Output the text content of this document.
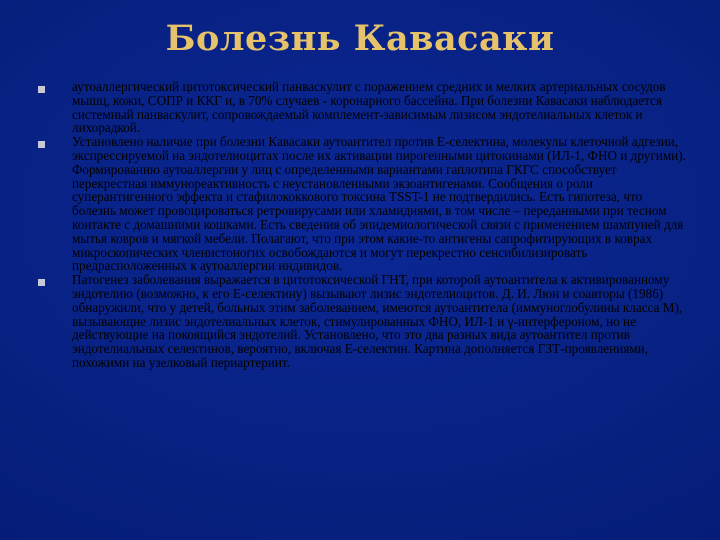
Болезнь Кавасаки
аутоаллергический цитотоксический панваскулит с поражением средних и мелких артериальных сосудов мышц, кожи, СОПР и ККГ и, в 70% случаев - коронарного бассейна. При болезни Кавасаки наблюдается системный панваскулит, сопровождаемый комплемент-зависимым лизисом эндотелиальных клеток и лихорадкой.
Установлено наличие при болезни Кавасаки аутоантител против Е-селектина, молекулы клеточной адгезии, экспрессируемой на эндотелиоцитах после их активации пирогенными цитокинами (ИЛ-1, ФНО и другими). Формированию аутоаллергии у лиц с определенными вариантами гаплотипа ГКГС способствует перекрестная иммунореактивность с неустановленными экзоантигенами. Сообщения о роли суперантигенного эффекта и стафилококкового токсина TSST-1 не подтвердились. Есть гипотеза, что болезнь может провоцироваться ретровирусами или хламидиями, в том числе – переданными при тесном контакте с домашними кошками. Есть сведения об эпидемиологической связи с применением шампуней для мытья ковров и мягкой мебели. Полагают, что при этом какие-то антигены сапрофитирующих в коврах микроскопических членистоногих освобождаются и могут перекрестно сенсибилизировать предрасположенных к аутоаллергии индивидов.
Патогенез заболевания выражается в цитотоксической ГНТ, при которой аутоантитела к активированному эндотелию (возможно, к его Е-селектину) вызывают лизис эндотелиоцитов. Д. И. Люн и соавторы (1986) обнаружили, что у детей, больных этим заболеванием, имеются аутоантитела (иммуноглобулины класса М), вызывающие лизис эндотелиальных клеток, стимулированных ФНО, ИЛ-1 и γ-интерфероном, но не действующие на покоящийся эндотелий. Установлено, что это два разных вида аутоантител против эндотелиальных селектинов, вероятно, включая Е-селектин. Картина дополняется ГЗТ-проявлениями, похожими на узелковый периартериит.
